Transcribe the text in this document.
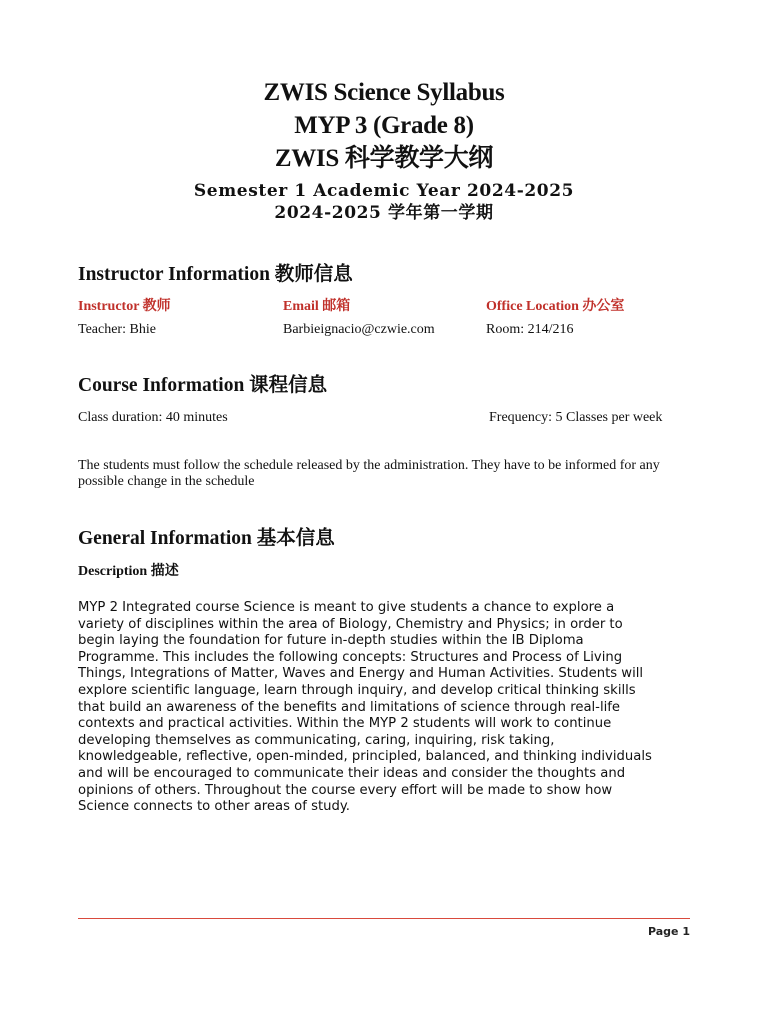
ZWIS Science Syllabus

MYP 3 (Grade 8)

ZWIS 科学教学大纲

Semester 1 Academic Year 2024-2025

2024-2025 学年第一学期

Instructor Information 教师信息
Instructor 教师	Email 邮箱	Office Location 办公室
Teacher: Bhie	Barbieignacio@czwie.com	Room: 214/216
Course Information 课程信息
Class duration: 40 minutes	Frequency: 5 Classes per week

The students must follow the schedule released by the administration. They have to be informed for any possible change in the schedule

General Information 基本信息
Description 描述

MYP 2 Integrated course Science is meant to give students a chance to explore a
variety of disciplines within the area of Biology, Chemistry and Physics; in order to
begin laying the foundation for future in-depth studies within the IB Diploma
Programme. This includes the following concepts: Structures and Process of Living
Things, Integrations of Matter, Waves and Energy and Human Activities. Students will
explore scientific language, learn through inquiry, and develop critical thinking skills
that build an awareness of the benefits and limitations of science through real-life
contexts and practical activities. Within the MYP 2 students will work to continue
developing themselves as communicating, caring, inquiring, risk taking,
knowledgeable, reflective, open-minded, principled, balanced, and thinking individuals
and will be encouraged to communicate their ideas and consider the thoughts and
opinions of others. Throughout the course every effort will be made to show how
Science connects to other areas of study.

Page 1
